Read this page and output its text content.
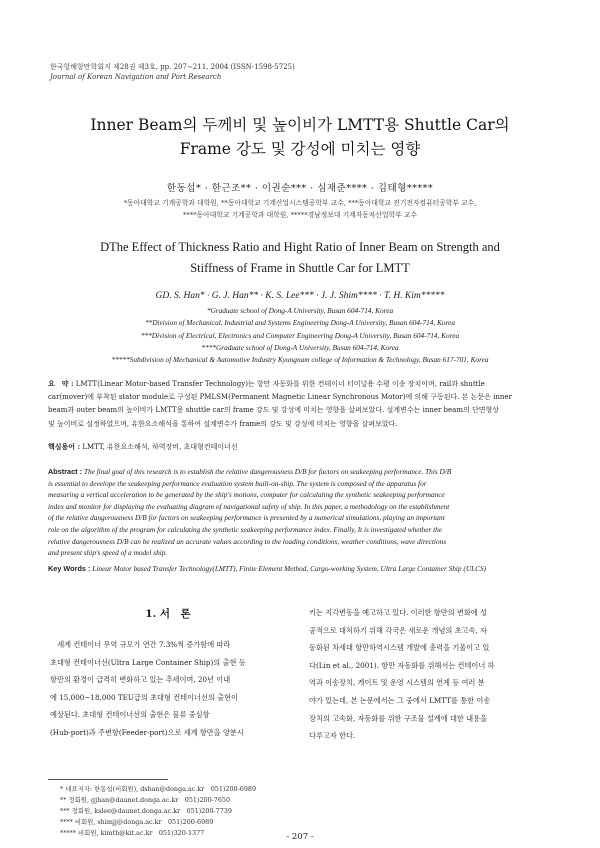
한국항해항만학회지 제28권 제3호, pp. 207∼211, 2004 (ISSN-1598-5725)
Journal of Korean Navigation and Port Research
Inner Beam의 두께비 및 높이비가 LMTT용 Shuttle Car의
Frame 강도 및 강성에 미치는 영향
한동섭* · 한근조** · 이권순*** · 심재준**** · 김태형*****
*동아대학교 기계공학과 대학원, **동아대학교 기계산업시스템공학부 교수, ***동아대학교 전기전자컴퓨터공학부 교수,
****동아대학교 기계공학과 대학원, *****경남정보대 기계자동차산업학부 교수
DThe Effect of Thickness Ratio and Hight Ratio of Inner Beam on Strength and
Stiffness of Frame in Shuttle Car for LMTT
GD. S. Han* · G. J. Han** · K. S. Lee*** · J. J. Shim**** · T. H. Kim*****
*Graduate school of Dong-A University, Busan 604-714, Korea
**Division of Mechanical, Industrial and Systems Engineering Dong-A University, Busan 604-714, Korea
***Division of Electrical, Electronics and Computer Engineering Dong-A University, Busan 604-714, Korea
****Graduate school of Dong-A University, Busan 604-714, Korea
*****Subdivision of Mechanical & Automotive Industry Kyungnam college of Information & Technology, Busan 617-701, Korea
요　약 : LMTT(Linear Motor-based Transfer Technology)는 항만 자동화를 위한 컨테이너 터미널용 수평 이송 장치이며, rail과 shuttle
car(mover)에 부착된 stator module로 구성된 PMLSM(Permanent Magnetic Linear Synchronous Motor)에 의해 구동된다. 본 논문은 inner
beam과 outer beam의 높이비가 LMTT용 shuttle car의 frame 강도 및 강성에 미치는 영향을 살펴보았다. 설계변수는 inner beam의 단면형상
및 높이비로 설정하였으며, 유한요소해석을 통하여 설계변수가 frame의 강도 및 강성에 미치는 영향을 살펴보았다.
핵심용어 : LMTT, 유한요소해석, 하역장비, 초대형컨테이너선
Abstract : The final goal of this research is to establish the relative dangerousness D/B for factors on seakeeping performance. This D/B
is essential to develope the seakeeping performance evaluation system built-on-ship. The system is composed of the apparatus for
measuring a vertical acceleration to be generated by the ship's motions, computer for calculating the synthetic seakeeping performance
index and monitor for displaying the evaluating diagram of navigational safety of ship. In this paper, a methodology on the establishment
of the relative dangerousness D/B for factors on seakeeping performance is presented by a numerical simulations, playing an important
role on the algorithm of the program for calculating the synthetic seakeeping performance index. Finally, It is investigated whether the
relative dangerousness D/B can be realized an accurate values according to the loading conditions, weather conditions, wave directions
and present ship's speed of a model ship.
Key Words : Linear Motor based Transfer Technology(LMTT), Finite Element Method, Cargo-working System, Ultra Large Container Ship (ULCS)
1. 서　론

세계 컨테이너 무역 규모가 연간 7.3%씩 증가함에 따라
초대형 컨테이너선(Ultra Large Container Ship)의 출현 등
항만의 환경이 급격히 변화하고 있는 추세이며, 20년 이내
에 15,000∼18,000 TEU급의 초대형 컨테이너선의 출현이
예상된다. 초대형 컨테이너선의 출현은 물류 중심항
(Hub-port)과 주변항(Feeder-port)으로 세계 항만을 양분시

키는 지각변동을 예고하고 있다. 이러한 항만의 변화에 성
공적으로 대처하기 위해 각국은 새로운 개념의 초고속, 자
동화된 차세대 항만하역시스템 개발에 총력을 기울이고 있
다(Lin et al., 2001). 항만 자동화를 위해서는 컨테이너 하
역과 이송장치, 게이트 및 운영 시스템의 연계 등 여러 분
야가 있는데, 본 논문에서는 그 중에서 LMTT를 통한 이송
장치의 고속화, 자동화를 위한 구조물 설계에 대한 내용을
다루고자 한다.
* 대표저자: 한동섭(비회원), dshan@donga.ac.kr　051)200-6989
** 정회원, gjhan@daunet.donga.ac.kr　051)200-7650
*** 정회원, kslee@daunet.donga.ac.kr　051)200-7739
**** 비회원, shimjj@donga.ac.kr　051)200-6989
***** 비회원, kimth@kit.ac.kr　051)320-1377	- 207 -
